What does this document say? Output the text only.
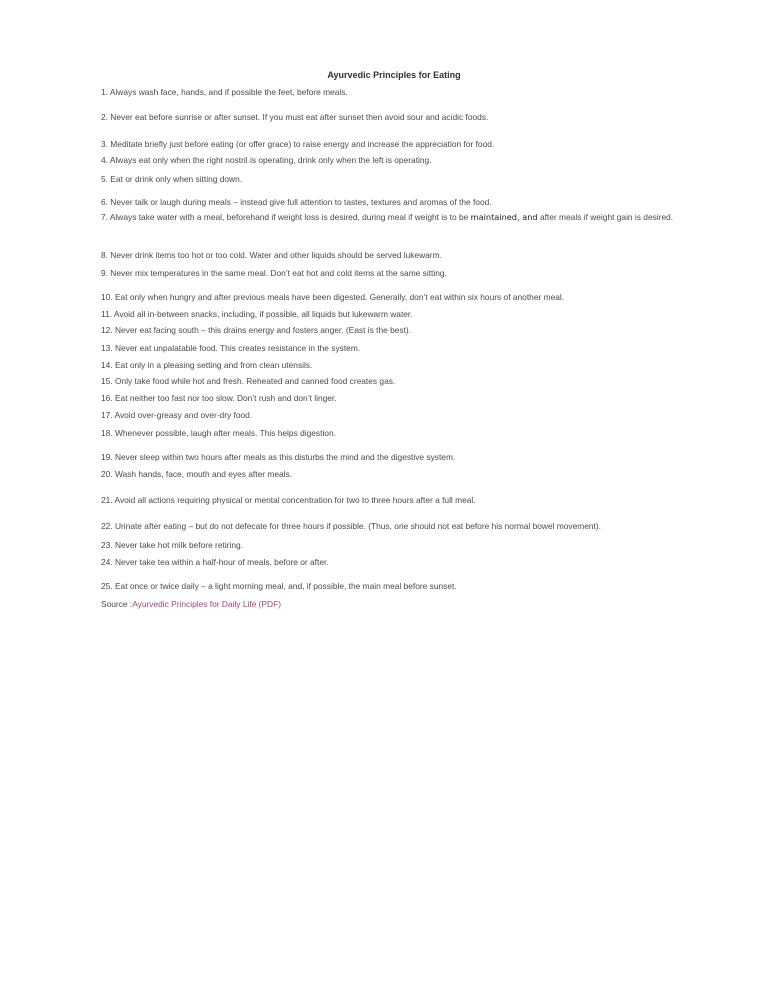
Ayurvedic Principles for Eating
1. Always wash face, hands, and if possible the feet, before meals.
2. Never eat before sunrise or after sunset. If you must eat after sunset then avoid sour and acidic foods.
3. Meditate briefly just before eating (or offer grace) to raise energy and increase the appreciation for food.
4. Always eat only when the right nostril is operating, drink only when the left is operating.
5. Eat or drink only when sitting down.
6. Never talk or laugh during meals – instead give full attention to tastes, textures and aromas of the food.
7. Always take water with a meal, beforehand if weight loss is desired, during meal if weight is to be maintained, and after meals if weight gain is desired.
8. Never drink items too hot or too cold. Water and other liquids should be served lukewarm.
9. Never mix temperatures in the same meal. Don’t eat hot and cold items at the same sitting.
10. Eat only when hungry and after previous meals have been digested. Generally, don’t eat within six hours of another meal.
11. Avoid all in-between snacks, including, if possible, all liquids but lukewarm water.
12. Never eat facing south – this drains energy and fosters anger. (East is the best).
13. Never eat unpalatable food. This creates resistance in the system.
14. Eat only in a pleasing setting and from clean utensils.
15. Only take food while hot and fresh. Reheated and canned food creates gas.
16. Eat neither too fast nor too slow. Don’t rush and don’t linger.
17. Avoid over-greasy and over-dry food.
18. Whenever possible, laugh after meals. This helps digestion.
19. Never sleep within two hours after meals as this disturbs the mind and the digestive system.
20. Wash hands, face, mouth and eyes after meals.
21. Avoid all actions requiring physical or mental concentration for two to three hours after a full meal.
22. Urinate after eating – but do not defecate for three hours if possible. (Thus, one should not eat before his normal bowel movement).
23. Never take hot milk before retiring.
24. Never take tea within a half-hour of meals, before or after.
25. Eat once or twice daily – a light morning meal, and, if possible, the main meal before sunset.
Source :Ayurvedic Principles for Daily Life (PDF)
